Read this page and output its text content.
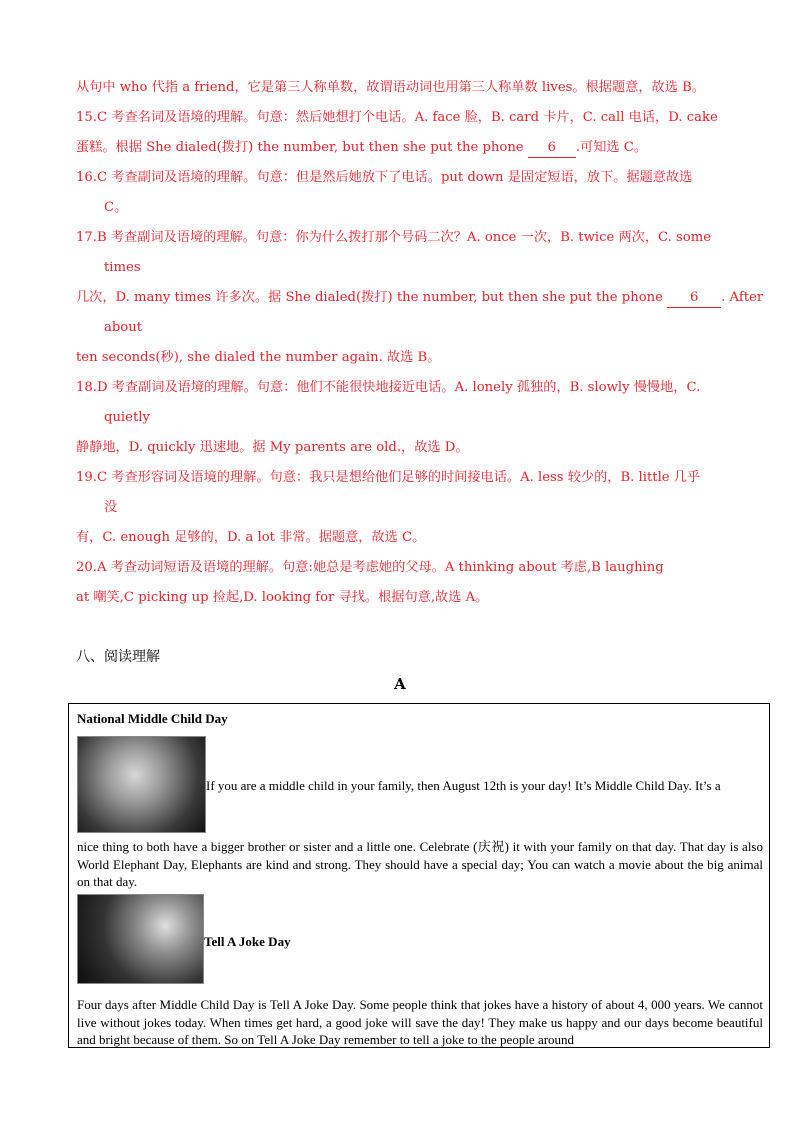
从句中 who 代指 a friend，它是第三人称单数，故谓语动词也用第三人称单数 lives。根据题意，故选 B。

15.C 考查名词及语境的理解。句意：然后她想打个电话。A. face 脸，B. card 卡片，C. call 电话，D. cake

蛋糕。根据 She dialed(拨打) the number, but then she put the phone 6 .可知选 C。

16.C 考查副词及语境的理解。句意：但是然后她放下了电话。put down 是固定短语，放下。据题意故选

C。

17.B 考查副词及语境的理解。句意：你为什么拨打那个号码二次？A. once 一次，B. twice 两次，C. some

times

几次，D. many times 许多次。据 She dialed(拨打) the number, but then she put the phone 6 . After

about

ten seconds(秒), she dialed the number again. 故选 B。

18.D 考查副词及语境的理解。句意：他们不能很快地接近电话。A. lonely 孤独的，B. slowly 慢慢地，C.

quietly

静静地，D. quickly 迅速地。据 My parents are old.，故选 D。

19.C 考查形容词及语境的理解。句意：我只是想给他们足够的时间接电话。A. less 较少的，B. little 几乎

没

有，C. enough 足够的，D. a lot 非常。据题意，故选 C。

20.A 考查动词短语及语境的理解。句意:她总是考虑她的父母。A thinking about 考虑,B laughing

at 嘲笑,C picking up 捡起,D. looking for 寻找。根据句意,故选 A。

八、阅读理解
A
National Middle Child Day
If you are a middle child in your family, then August 12th is your day! It’s Middle Child Day. It’s a
nice thing to both have a bigger brother or sister and a little one. Celebrate (庆祝) it with your family on that day. That day is also World Elephant Day, Elephants are kind and strong. They should have a special day; You can watch a movie about the big animal on that day.
Tell A Joke Day
Four days after Middle Child Day is Tell A Joke Day. Some people think that jokes have a history of about 4, 000 years. We cannot live without jokes today. When times get hard, a good joke will save the day! They make us happy and our days become beautiful and bright because of them. So on Tell A Joke Day remember to tell a joke to the people around
